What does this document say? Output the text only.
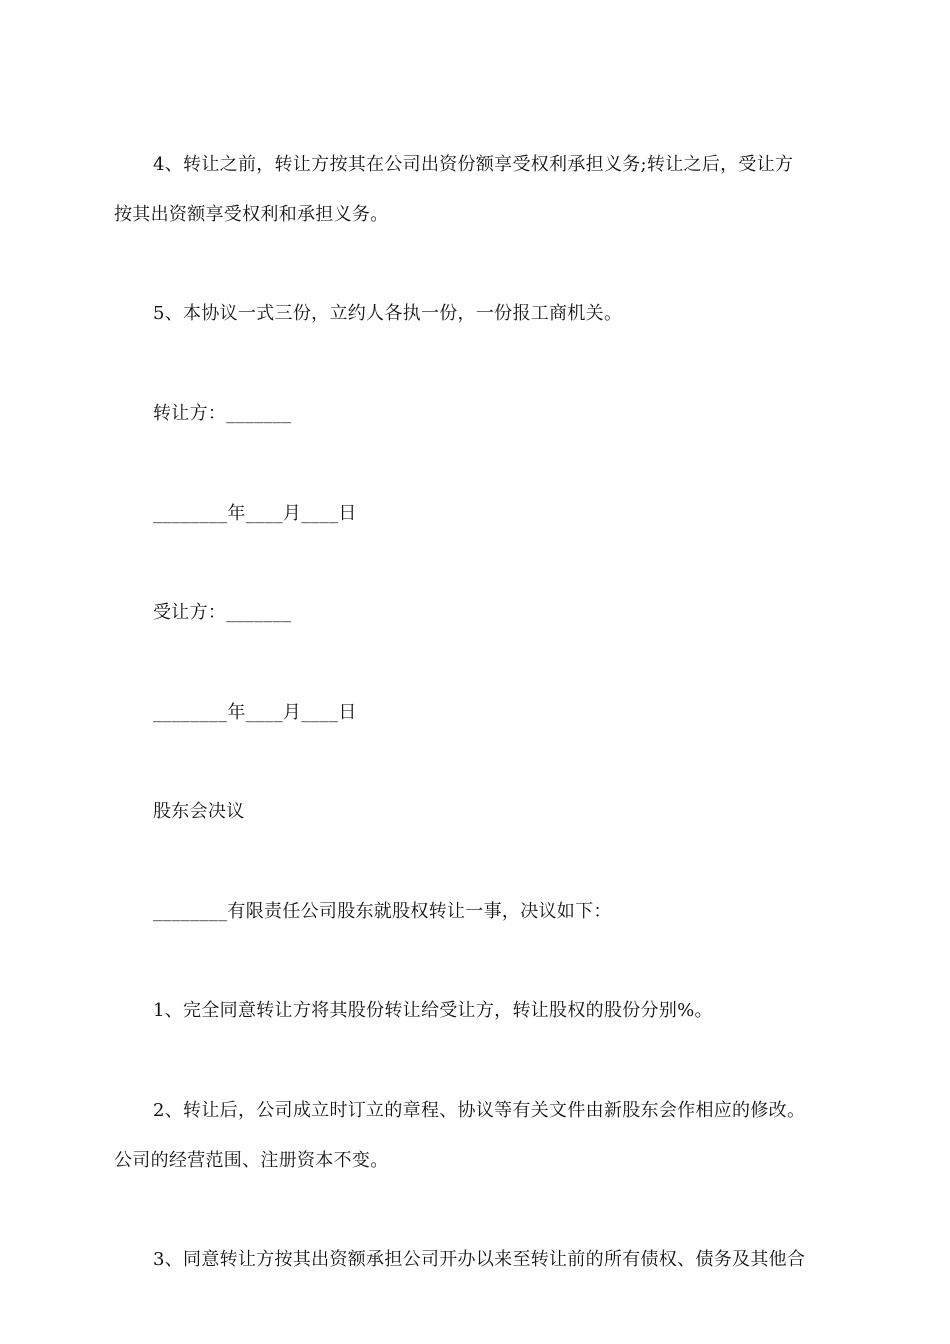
4、转让之前，转让方按其在公司出资份额享受权利承担义务;转让之后，受让方
按其出资额享受权利和承担义务。
5、本协议一式三份，立约人各执一份，一份报工商机关。
转让方：_______
________年____月____日
受让方：_______
________年____月____日
股东会决议
________有限责任公司股东就股权转让一事，决议如下：
1、完全同意转让方将其股份转让给受让方，转让股权的股份分别%。
2、转让后，公司成立时订立的章程、协议等有关文件由新股东会作相应的修改。
公司的经营范围、注册资本不变。
3、同意转让方按其出资额承担公司开办以来至转让前的所有债权、债务及其他合
